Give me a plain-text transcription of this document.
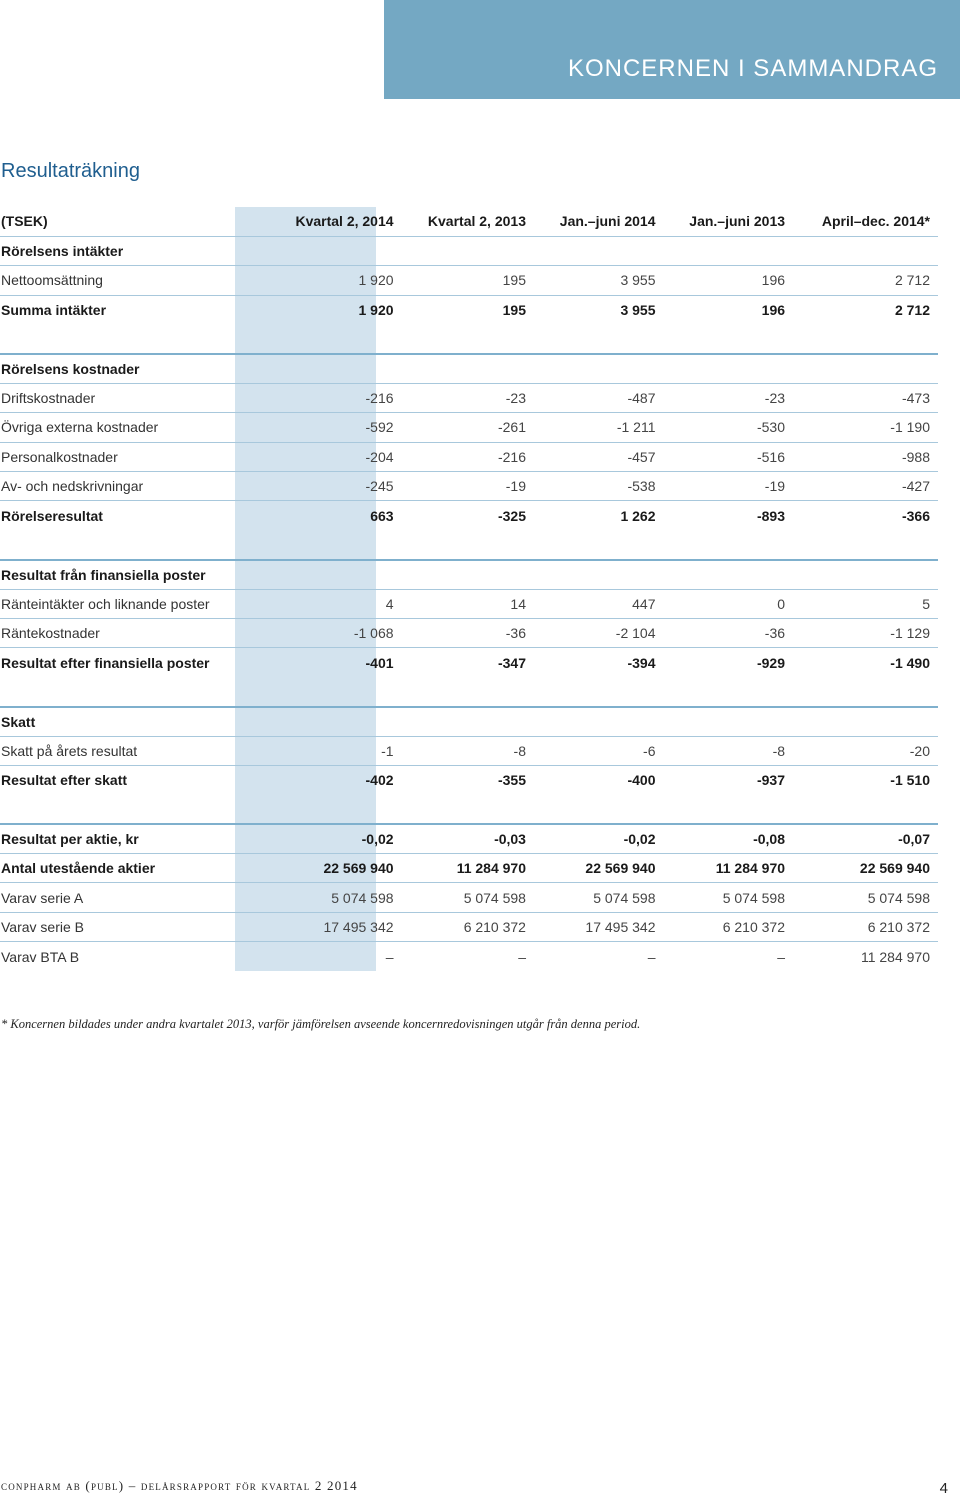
KONCERNEN I SAMMANDRAG
Resultaträkning
(TSEK)	Kvartal 2, 2014	Kvartal 2, 2013	Jan.–juni 2014	Jan.–juni 2013	April–dec. 2014*
Rörelsens intäkter					
Nettoomsättning	1 920	195	3 955	196	2 712
Summa intäkter	1 920	195	3 955	196	2 712

Rörelsens kostnader					
Driftskostnader	-216	-23	-487	-23	-473
Övriga externa kostnader	-592	-261	-1 211	-530	-1 190
Personalkostnader	-204	-216	-457	-516	-988
Av- och nedskrivningar	-245	-19	-538	-19	-427
Rörelseresultat	663	-325	1 262	-893	-366

Resultat från finansiella poster					
Ränteintäkter och liknande poster	4	14	447	0	5
Räntekostnader	-1 068	-36	-2 104	-36	-1 129
Resultat efter finansiella poster	-401	-347	-394	-929	-1 490

Skatt					
Skatt på årets resultat	-1	-8	-6	-8	-20
Resultat efter skatt	-402	-355	-400	-937	-1 510

Resultat per aktie, kr	-0,02	-0,03	-0,02	-0,08	-0,07
Antal utestående aktier	22 569 940	11 284 970	22 569 940	11 284 970	22 569 940
Varav serie A	5 074 598	5 074 598	5 074 598	5 074 598	5 074 598
Varav serie B	17 495 342	6 210 372	17 495 342	6 210 372	6 210 372
Varav BTA B	–	–	–	–	11 284 970
* Koncernen bildades under andra kvartalet 2013, varför jämförelsen avseende koncernredovisningen utgår från denna period.
conpharm ab (publ) – delårsrapport för kvartal 2 2014	4
